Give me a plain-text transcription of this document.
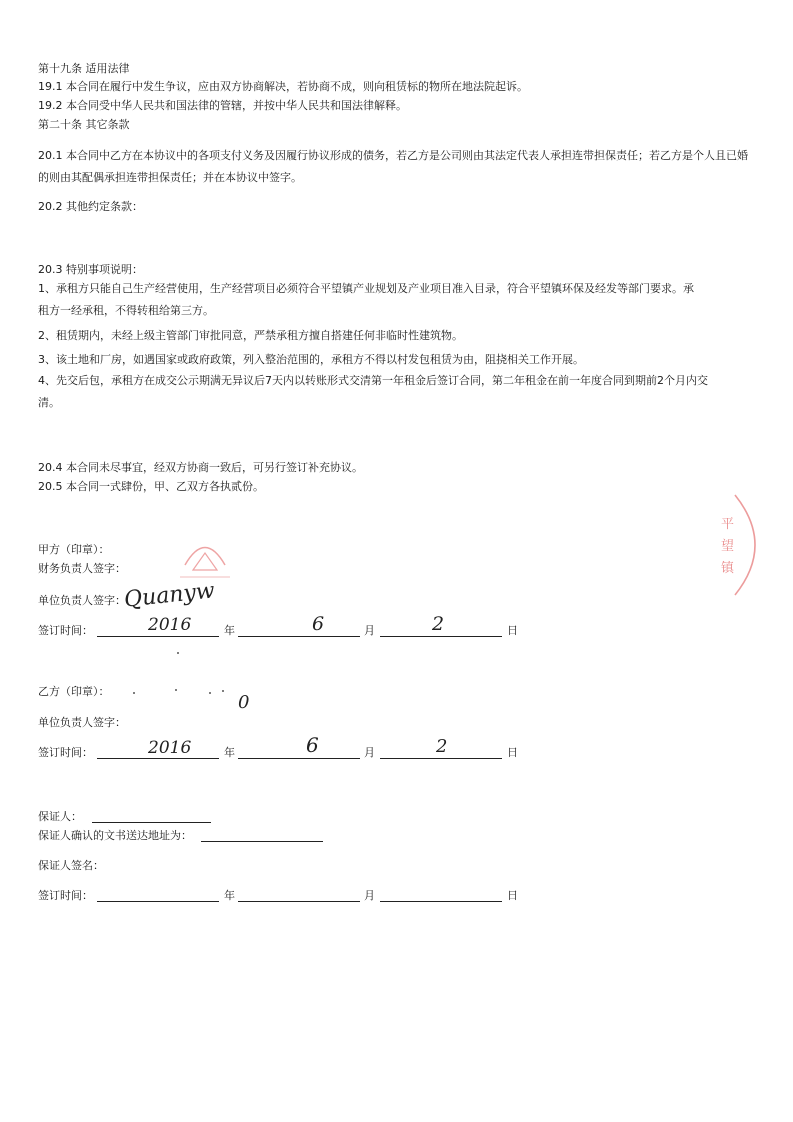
第十九条 适用法律
19.1 本合同在履行中发生争议，应由双方协商解决，若协商不成，则向租赁标的物所在地法院起诉。
19.2 本合同受中华人民共和国法律的管辖，并按中华人民共和国法律解释。
第二十条 其它条款
20.1 本合同中乙方在本协议中的各项支付义务及因履行协议形成的债务，若乙方是公司则由其法定代表人承担连带担保责任；若乙方是个人且已婚的则由其配偶承担连带担保责任；并在本协议中签字。
20.2 其他约定条款：
20.3 特别事项说明：
1、承租方只能自己生产经营使用，生产经营项目必须符合平望镇产业规划及产业项目准入目录，符合平望镇环保及经发等部门要求。承租方一经承租，不得转租给第三方。
2、租赁期内，未经上级主管部门审批同意，严禁承租方擅自搭建任何非临时性建筑物。
3、该土地和厂房，如遇国家或政府政策，列入整治范围的，承租方不得以村发包租赁为由，阻挠相关工作开展。
4、先交后包，承租方在成交公示期满无异议后7天内以转账形式交清第一年租金后签订合同，第二年租金在前一年度合同到期前2个月内交清。
20.4 本合同未尽事宜，经双方协商一致后，可另行签订补充协议。
20.5 本合同一式肆份，甲、乙双方各执贰份。
平
望
镇
甲方（印章）：
财务负责人签字：
单位负责人签字：
Quanyw
签订时间：	2016	年	6	月	2	日
乙方（印章）：
0
单位负责人签字：
签订时间：	2016	年	6	月	2	日
保证人：
保证人确认的文书送达地址为：
保证人签名：
签订时间：	年	月	日
